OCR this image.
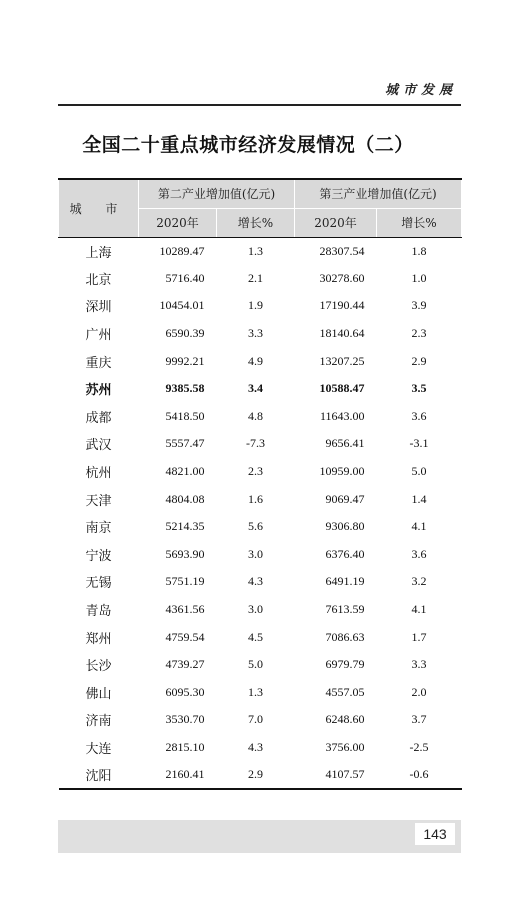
城市发展
全国二十重点城市经济发展情况（二）
城 市	第二产业增加值(亿元)		第三产业增加值(亿元)	
	2020年	增长%	2020年	增长%
上海	10289.47	1.3	28307.54	1.8
北京	5716.40	2.1	30278.60	1.0
深圳	10454.01	1.9	17190.44	3.9
广州	6590.39	3.3	18140.64	2.3
重庆	9992.21	4.9	13207.25	2.9
苏州	9385.58	3.4	10588.47	3.5
成都	5418.50	4.8	11643.00	3.6
武汉	5557.47	-7.3	9656.41	-3.1
杭州	4821.00	2.3	10959.00	5.0
天津	4804.08	1.6	9069.47	1.4
南京	5214.35	5.6	9306.80	4.1
宁波	5693.90	3.0	6376.40	3.6
无锡	5751.19	4.3	6491.19	3.2
青岛	4361.56	3.0	7613.59	4.1
郑州	4759.54	4.5	7086.63	1.7
长沙	4739.27	5.0	6979.79	3.3
佛山	6095.30	1.3	4557.05	2.0
济南	3530.70	7.0	6248.60	3.7
大连	2815.10	4.3	3756.00	-2.5
沈阳	2160.41	2.9	4107.57	-0.6
143
